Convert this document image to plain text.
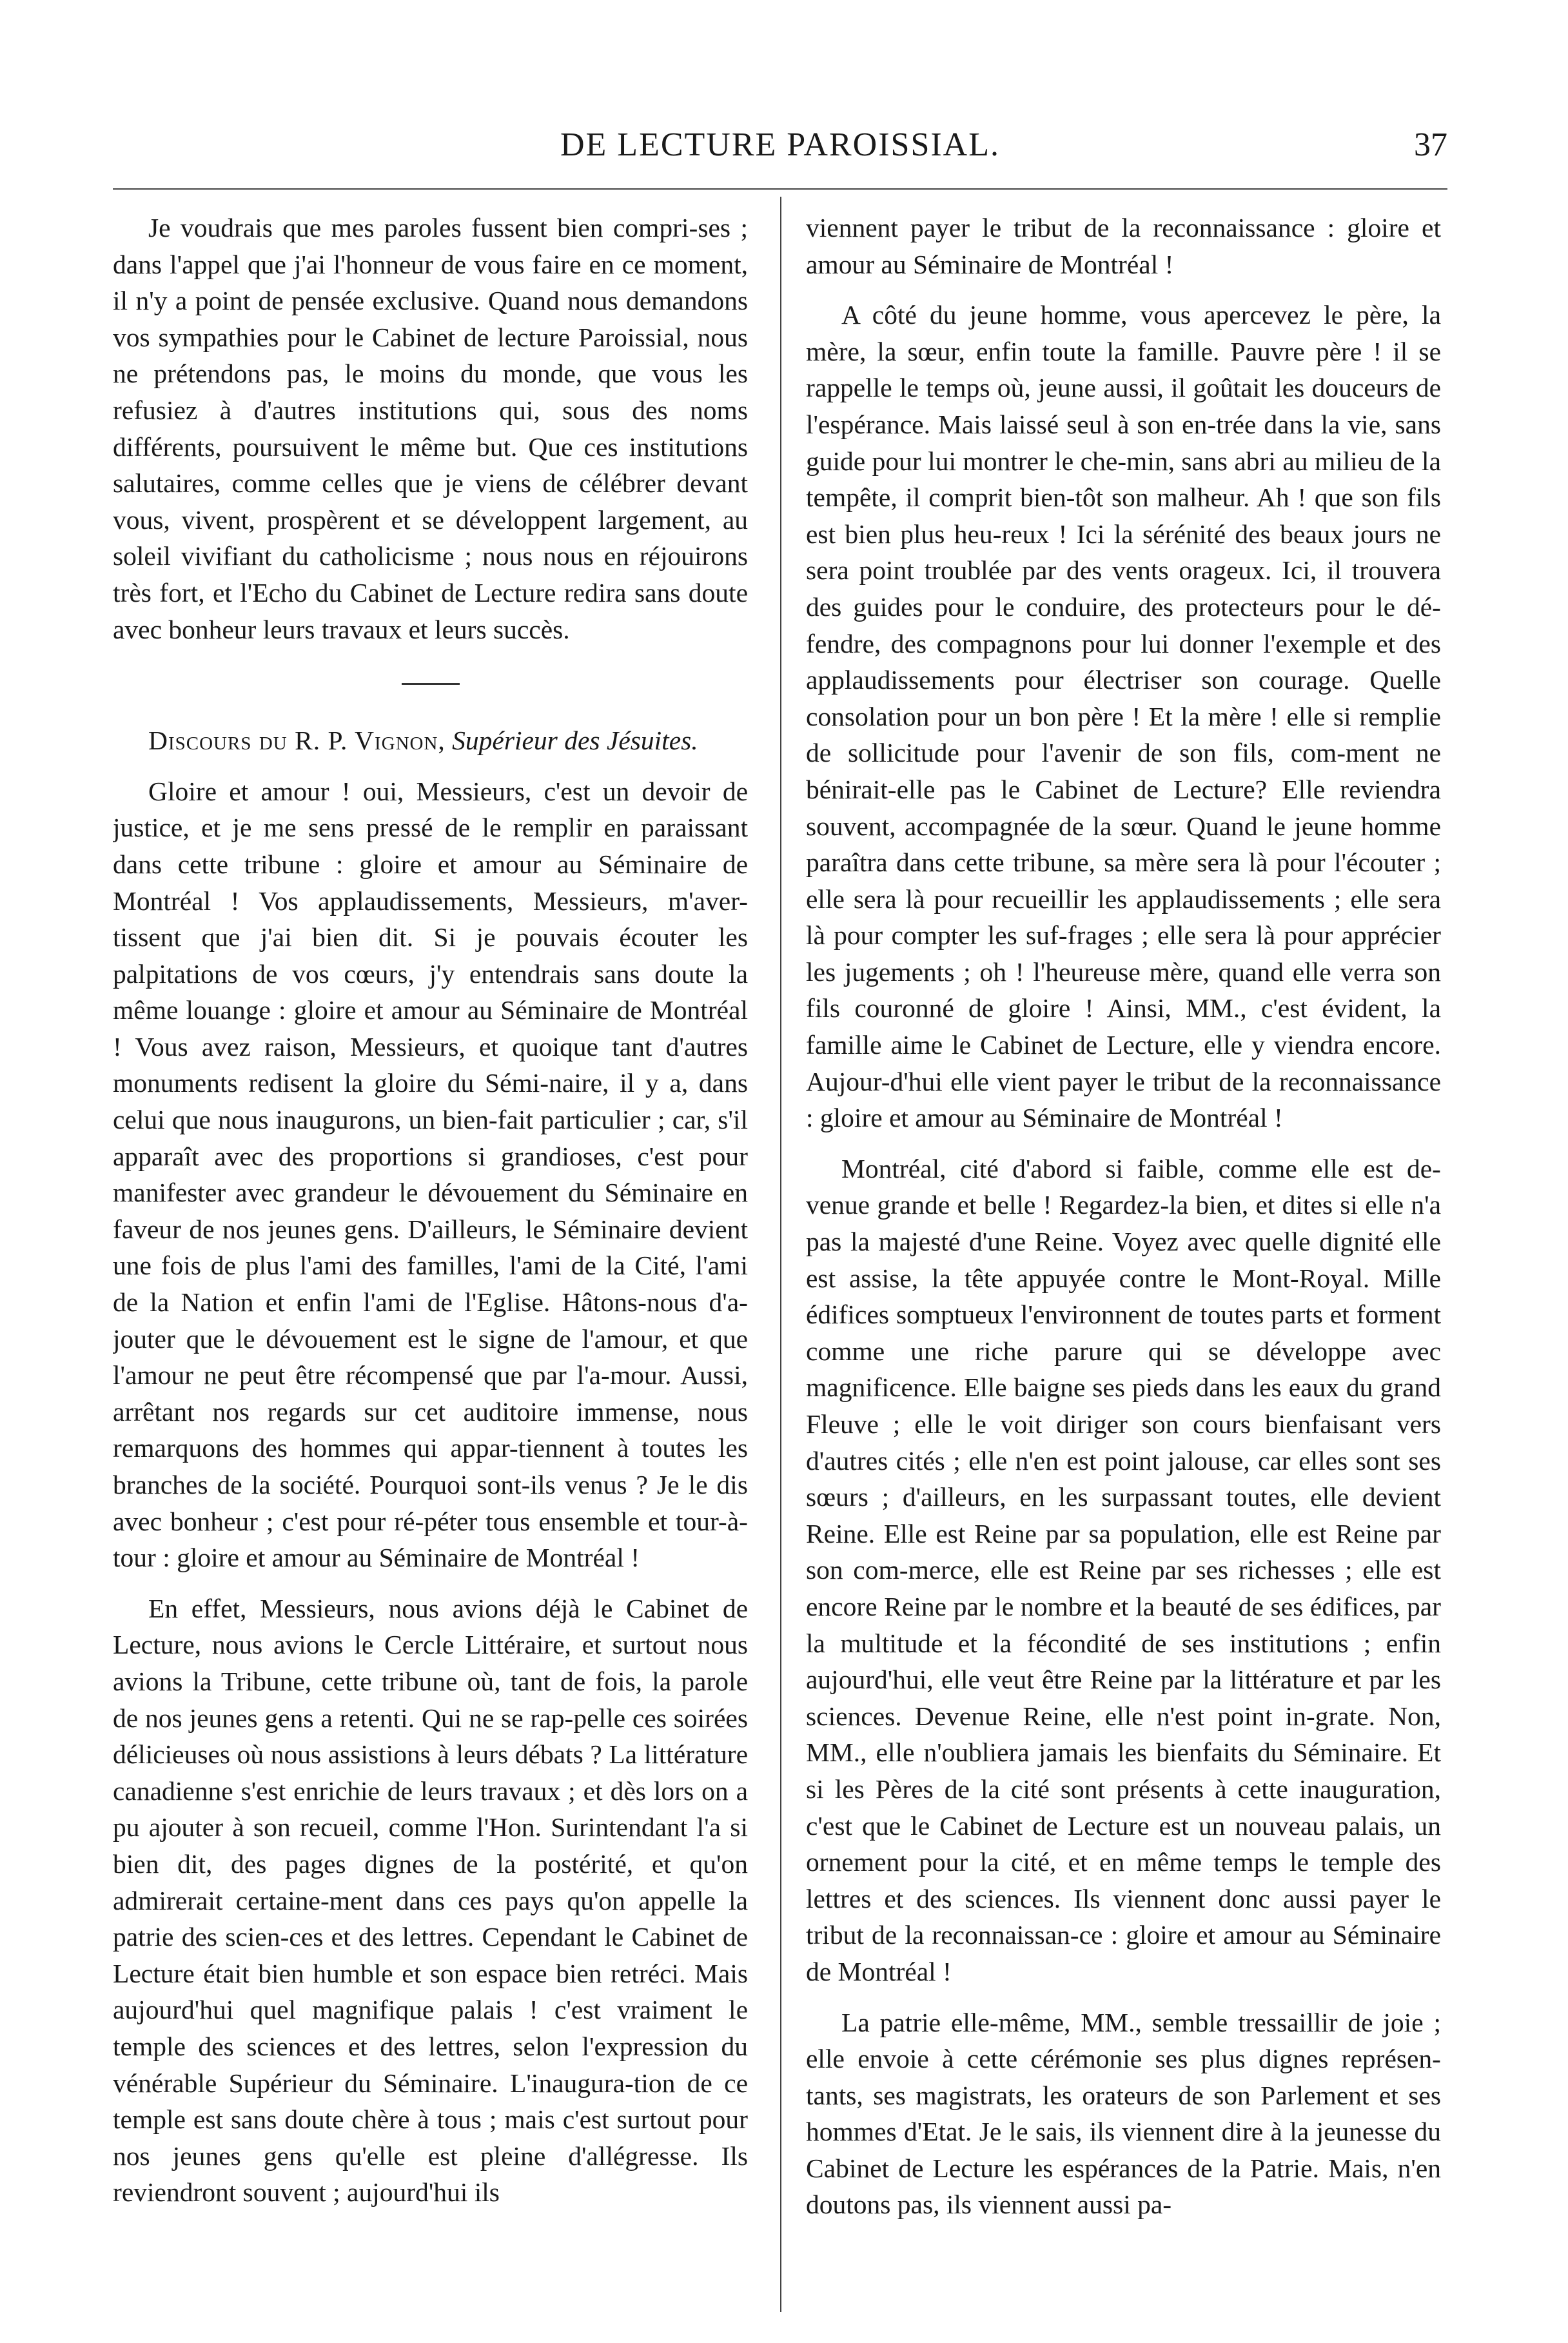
DE LECTURE PAROISSIAL.	37

Je voudrais que mes paroles fussent bien compri-ses ; dans l'appel que j'ai l'honneur de vous faire en ce moment, il n'y a point de pensée exclusive. Quand nous demandons vos sympathies pour le Cabinet de lecture Paroissial, nous ne prétendons pas, le moins du monde, que vous les refusiez à d'autres institutions qui, sous des noms différents, poursuivent le même but. Que ces institutions salutaires, comme celles que je viens de célébrer devant vous, vivent, prospèrent et se développent largement, au soleil vivifiant du catholicisme ; nous nous en réjouirons très fort, et l'Echo du Cabinet de Lecture redira sans doute avec bonheur leurs travaux et leurs succès.

Discours du R. P. Vignon, Supérieur des Jésuites.

Gloire et amour ! oui, Messieurs, c'est un devoir de justice, et je me sens pressé de le remplir en paraissant dans cette tribune : gloire et amour au Séminaire de Montréal ! Vos applaudissements, Messieurs, m'aver-tissent que j'ai bien dit. Si je pouvais écouter les palpitations de vos cœurs, j'y entendrais sans doute la même louange : gloire et amour au Séminaire de Montréal ! Vous avez raison, Messieurs, et quoique tant d'autres monuments redisent la gloire du Sémi-naire, il y a, dans celui que nous inaugurons, un bien-fait particulier ; car, s'il apparaît avec des proportions si grandioses, c'est pour manifester avec grandeur le dévouement du Séminaire en faveur de nos jeunes gens. D'ailleurs, le Séminaire devient une fois de plus l'ami des familles, l'ami de la Cité, l'ami de la Nation et enfin l'ami de l'Eglise. Hâtons-nous d'a-jouter que le dévouement est le signe de l'amour, et que l'amour ne peut être récompensé que par l'a-mour. Aussi, arrêtant nos regards sur cet auditoire immense, nous remarquons des hommes qui appar-tiennent à toutes les branches de la société. Pourquoi sont-ils venus ? Je le dis avec bonheur ; c'est pour ré-péter tous ensemble et tour-à-tour : gloire et amour au Séminaire de Montréal !

En effet, Messieurs, nous avions déjà le Cabinet de Lecture, nous avions le Cercle Littéraire, et surtout nous avions la Tribune, cette tribune où, tant de fois, la parole de nos jeunes gens a retenti. Qui ne se rap-pelle ces soirées délicieuses où nous assistions à leurs débats ? La littérature canadienne s'est enrichie de leurs travaux ; et dès lors on a pu ajouter à son recueil, comme l'Hon. Surintendant l'a si bien dit, des pages dignes de la postérité, et qu'on admirerait certaine-ment dans ces pays qu'on appelle la patrie des scien-ces et des lettres. Cependant le Cabinet de Lecture était bien humble et son espace bien retréci. Mais aujourd'hui quel magnifique palais ! c'est vraiment le temple des sciences et des lettres, selon l'expression du vénérable Supérieur du Séminaire. L'inaugura-tion de ce temple est sans doute chère à tous ; mais c'est surtout pour nos jeunes gens qu'elle est pleine d'allégresse. Ils reviendront souvent ; aujourd'hui ils

viennent payer le tribut de la reconnaissance : gloire et amour au Séminaire de Montréal !

A côté du jeune homme, vous apercevez le père, la mère, la sœur, enfin toute la famille. Pauvre père ! il se rappelle le temps où, jeune aussi, il goûtait les douceurs de l'espérance. Mais laissé seul à son en-trée dans la vie, sans guide pour lui montrer le che-min, sans abri au milieu de la tempête, il comprit bien-tôt son malheur. Ah ! que son fils est bien plus heu-reux ! Ici la sérénité des beaux jours ne sera point troublée par des vents orageux. Ici, il trouvera des guides pour le conduire, des protecteurs pour le dé-fendre, des compagnons pour lui donner l'exemple et des applaudissements pour électriser son courage. Quelle consolation pour un bon père ! Et la mère ! elle si remplie de sollicitude pour l'avenir de son fils, com-ment ne bénirait-elle pas le Cabinet de Lecture? Elle reviendra souvent, accompagnée de la sœur. Quand le jeune homme paraîtra dans cette tribune, sa mère sera là pour l'écouter ; elle sera là pour recueillir les applaudissements ; elle sera là pour compter les suf-frages ; elle sera là pour apprécier les jugements ; oh ! l'heureuse mère, quand elle verra son fils couronné de gloire ! Ainsi, MM., c'est évident, la famille aime le Cabinet de Lecture, elle y viendra encore. Aujour-d'hui elle vient payer le tribut de la reconnaissance : gloire et amour au Séminaire de Montréal !

Montréal, cité d'abord si faible, comme elle est de-venue grande et belle ! Regardez-la bien, et dites si elle n'a pas la majesté d'une Reine. Voyez avec quelle dignité elle est assise, la tête appuyée contre le Mont-Royal. Mille édifices somptueux l'environnent de toutes parts et forment comme une riche parure qui se développe avec magnificence. Elle baigne ses pieds dans les eaux du grand Fleuve ; elle le voit diriger son cours bienfaisant vers d'autres cités ; elle n'en est point jalouse, car elles sont ses sœurs ; d'ailleurs, en les surpassant toutes, elle devient Reine. Elle est Reine par sa population, elle est Reine par son com-merce, elle est Reine par ses richesses ; elle est encore Reine par le nombre et la beauté de ses édifices, par la multitude et la fécondité de ses institutions ; enfin aujourd'hui, elle veut être Reine par la littérature et par les sciences. Devenue Reine, elle n'est point in-grate. Non, MM., elle n'oubliera jamais les bienfaits du Séminaire. Et si les Pères de la cité sont présents à cette inauguration, c'est que le Cabinet de Lecture est un nouveau palais, un ornement pour la cité, et en même temps le temple des lettres et des sciences. Ils viennent donc aussi payer le tribut de la reconnaissan-ce : gloire et amour au Séminaire de Montréal !

La patrie elle-même, MM., semble tressaillir de joie ; elle envoie à cette cérémonie ses plus dignes représen-tants, ses magistrats, les orateurs de son Parlement et ses hommes d'Etat. Je le sais, ils viennent dire à la jeunesse du Cabinet de Lecture les espérances de la Patrie. Mais, n'en doutons pas, ils viennent aussi pa-
